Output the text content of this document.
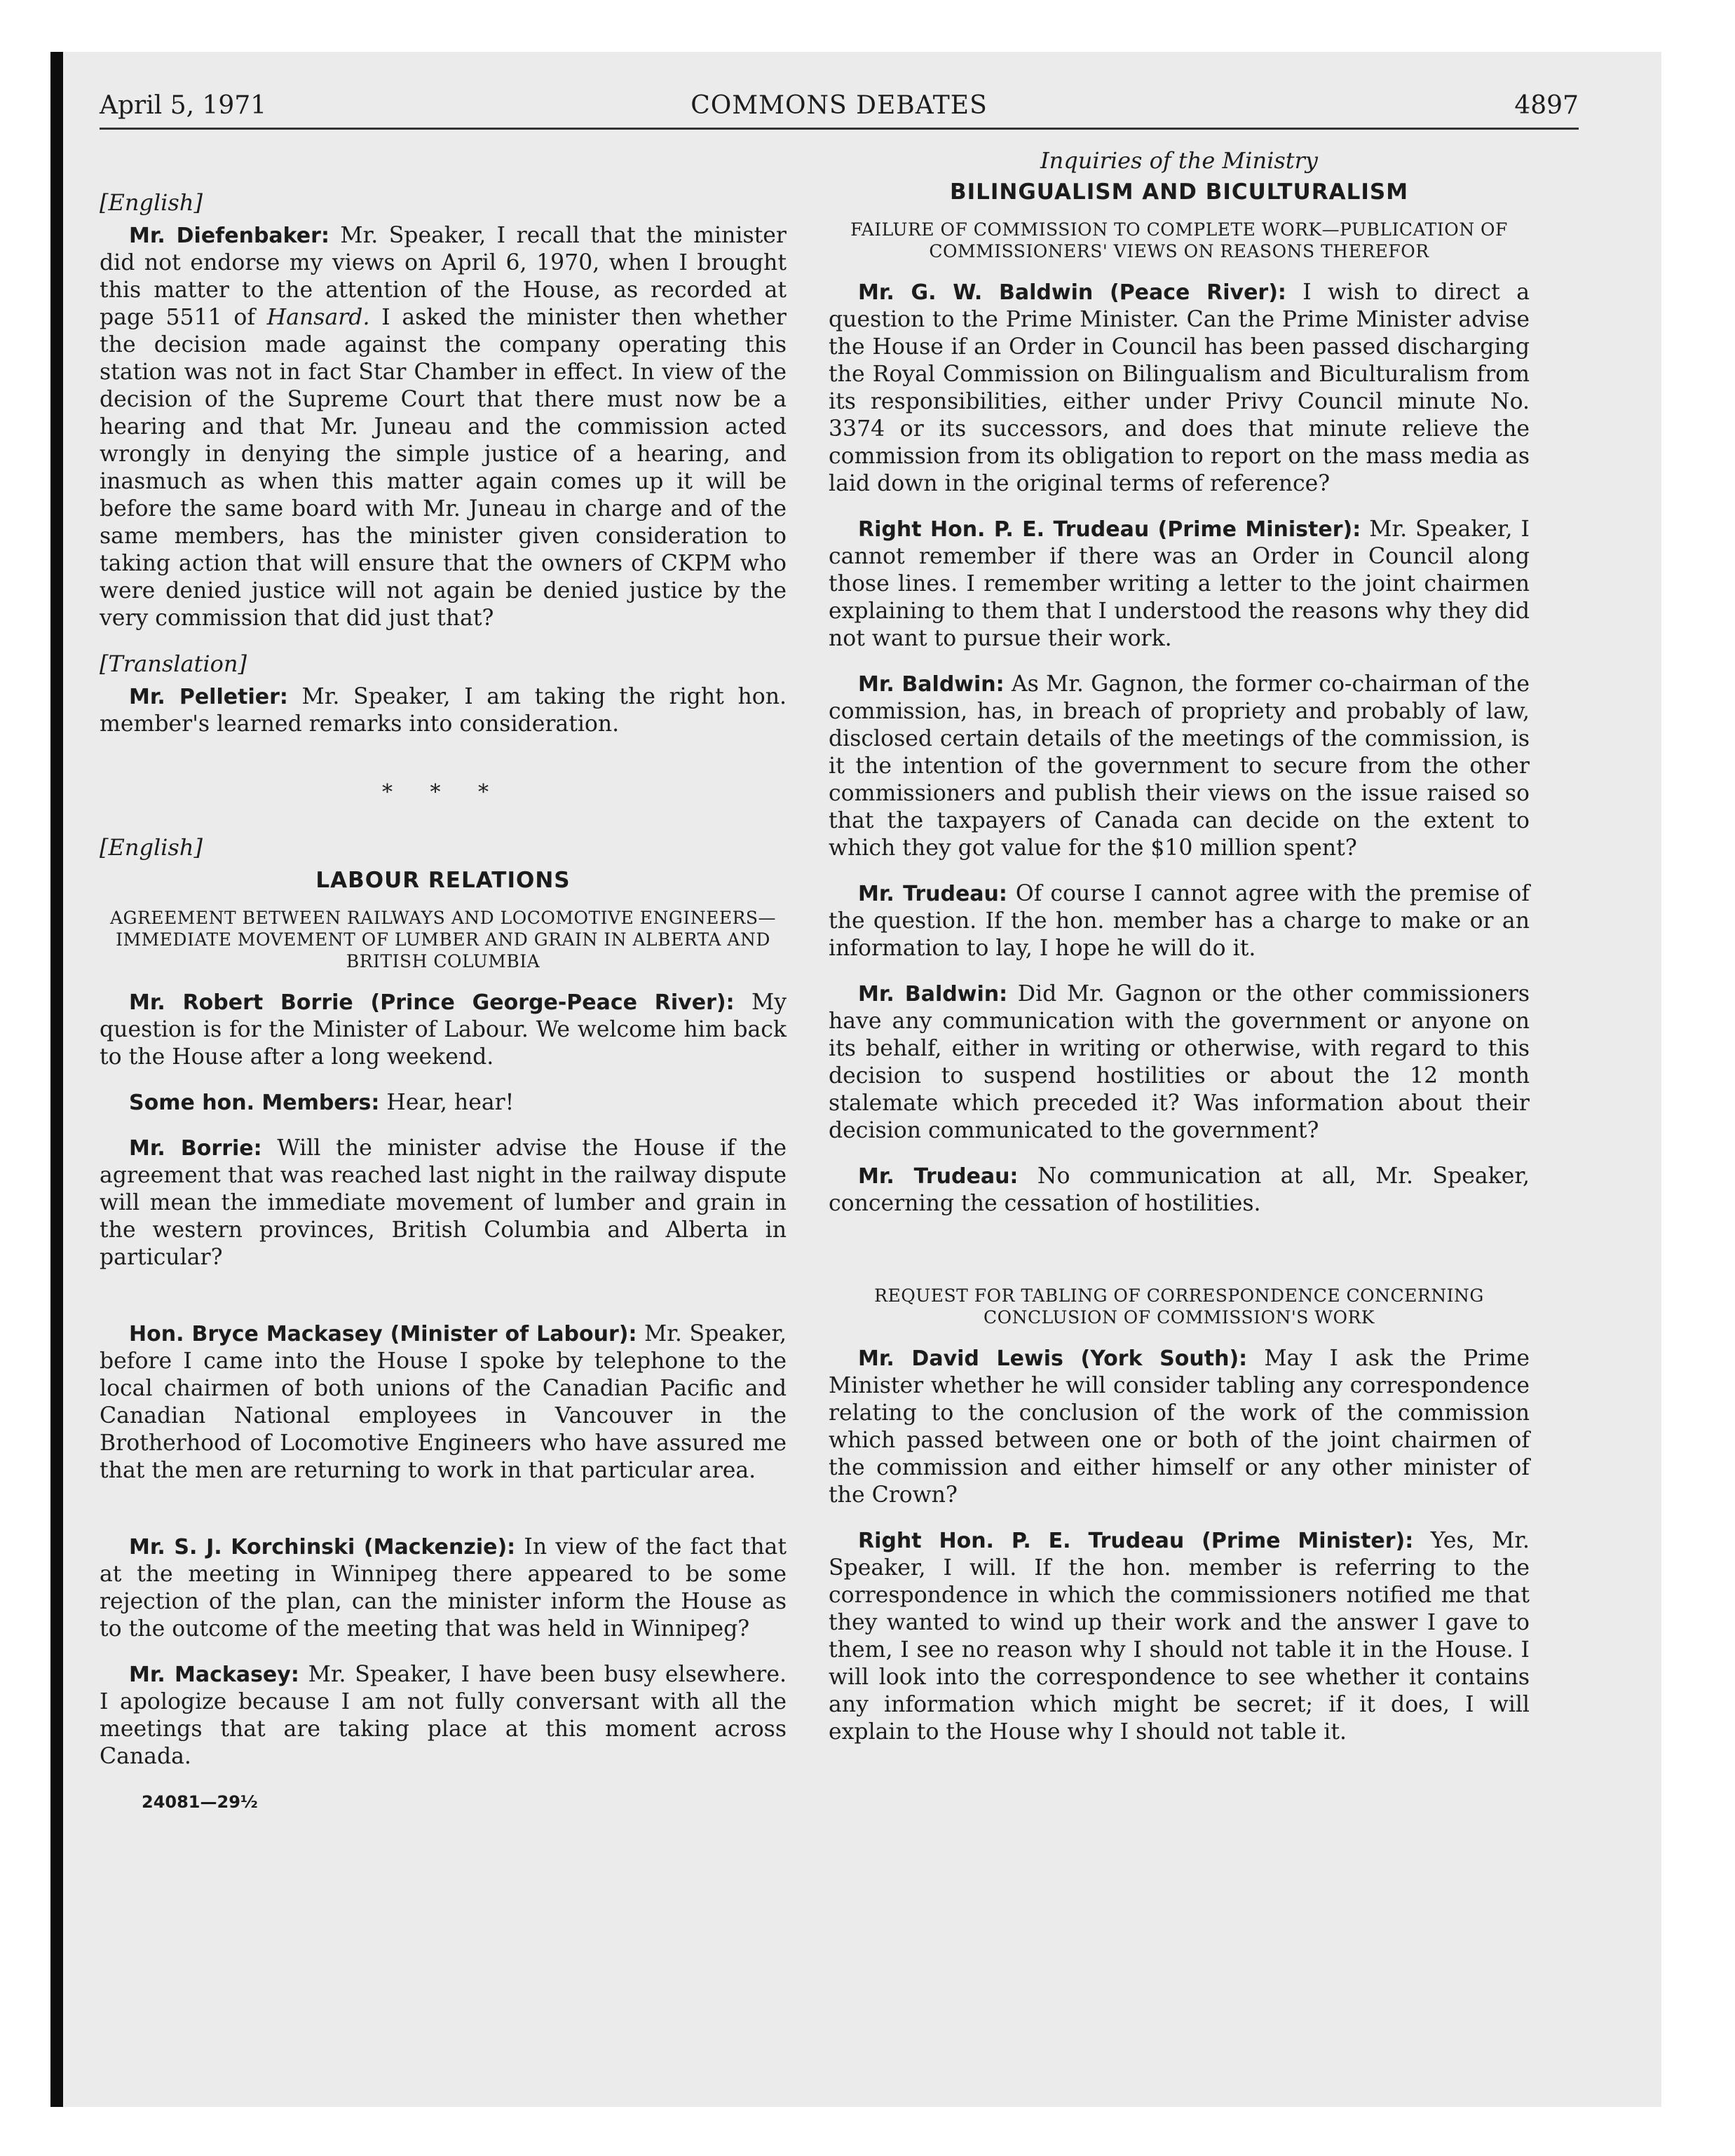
April 5, 1971	COMMONS DEBATES	4897
[English]

Mr. Diefenbaker: Mr. Speaker, I recall that the minister did not endorse my views on April 6, 1970, when I brought this matter to the attention of the House, as recorded at page 5511 of Hansard. I asked the minister then whether the decision made against the company operating this station was not in fact Star Chamber in effect. In view of the decision of the Supreme Court that there must now be a hearing and that Mr. Juneau and the commission acted wrongly in denying the simple justice of a hearing, and inasmuch as when this matter again comes up it will be before the same board with Mr. Juneau in charge and of the same members, has the minister given consideration to taking action that will ensure that the owners of CKPM who were denied justice will not again be denied justice by the very commission that did just that?

[Translation]

Mr. Pelletier: Mr. Speaker, I am taking the right hon. member's learned remarks into consideration.

* * *
[English]
LABOUR RELATIONS
AGREEMENT BETWEEN RAILWAYS AND LOCOMOTIVE ENGINEERS—IMMEDIATE MOVEMENT OF LUMBER AND GRAIN IN ALBERTA AND BRITISH COLUMBIA

Mr. Robert Borrie (Prince George-Peace River): My question is for the Minister of Labour. We welcome him back to the House after a long weekend.

Some hon. Members: Hear, hear!

Mr. Borrie: Will the minister advise the House if the agreement that was reached last night in the railway dispute will mean the immediate movement of lumber and grain in the western provinces, British Columbia and Alberta in particular?

Hon. Bryce Mackasey (Minister of Labour): Mr. Speaker, before I came into the House I spoke by telephone to the local chairmen of both unions of the Canadian Pacific and Canadian National employees in Vancouver in the Brotherhood of Locomotive Engineers who have assured me that the men are returning to work in that particular area.

Mr. S. J. Korchinski (Mackenzie): In view of the fact that at the meeting in Winnipeg there appeared to be some rejection of the plan, can the minister inform the House as to the outcome of the meeting that was held in Winnipeg?

Mr. Mackasey: Mr. Speaker, I have been busy elsewhere. I apologize because I am not fully conversant with all the meetings that are taking place at this moment across Canada.

24081—29½
Inquiries of the Ministry
BILINGUALISM AND BICULTURALISM
FAILURE OF COMMISSION TO COMPLETE WORK—PUBLICATION OF COMMISSIONERS' VIEWS ON REASONS THEREFOR

Mr. G. W. Baldwin (Peace River): I wish to direct a question to the Prime Minister. Can the Prime Minister advise the House if an Order in Council has been passed discharging the Royal Commission on Bilingualism and Biculturalism from its responsibilities, either under Privy Council minute No. 3374 or its successors, and does that minute relieve the commission from its obligation to report on the mass media as laid down in the original terms of reference?

Right Hon. P. E. Trudeau (Prime Minister): Mr. Speaker, I cannot remember if there was an Order in Council along those lines. I remember writing a letter to the joint chairmen explaining to them that I understood the reasons why they did not want to pursue their work.

Mr. Baldwin: As Mr. Gagnon, the former co-chairman of the commission, has, in breach of propriety and probably of law, disclosed certain details of the meetings of the commission, is it the intention of the government to secure from the other commissioners and publish their views on the issue raised so that the taxpayers of Canada can decide on the extent to which they got value for the $10 million spent?

Mr. Trudeau: Of course I cannot agree with the premise of the question. If the hon. member has a charge to make or an information to lay, I hope he will do it.

Mr. Baldwin: Did Mr. Gagnon or the other commissioners have any communication with the government or anyone on its behalf, either in writing or otherwise, with regard to this decision to suspend hostilities or about the 12 month stalemate which preceded it? Was information about their decision communicated to the government?

Mr. Trudeau: No communication at all, Mr. Speaker, concerning the cessation of hostilities.

REQUEST FOR TABLING OF CORRESPONDENCE CONCERNING CONCLUSION OF COMMISSION'S WORK

Mr. David Lewis (York South): May I ask the Prime Minister whether he will consider tabling any correspondence relating to the conclusion of the work of the commission which passed between one or both of the joint chairmen of the commission and either himself or any other minister of the Crown?

Right Hon. P. E. Trudeau (Prime Minister): Yes, Mr. Speaker, I will. If the hon. member is referring to the correspondence in which the commissioners notified me that they wanted to wind up their work and the answer I gave to them, I see no reason why I should not table it in the House. I will look into the correspondence to see whether it contains any information which might be secret; if it does, I will explain to the House why I should not table it.
